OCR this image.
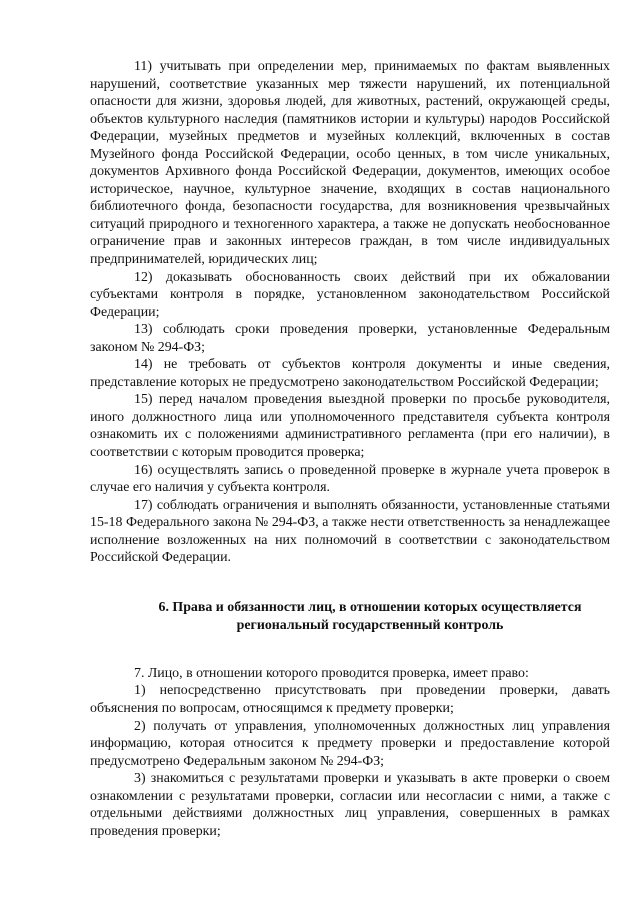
11) учитывать при определении мер, принимаемых по фактам выявленных нарушений, соответствие указанных мер тяжести нарушений, их потенциальной опасности для жизни, здоровья людей, для животных, растений, окружающей среды, объектов культурного наследия (памятников истории и культуры) народов Российской Федерации, музейных предметов и музейных коллекций, включенных в состав Музейного фонда Российской Федерации, особо ценных, в том числе уникальных, документов Архивного фонда Российской Федерации, документов, имеющих особое историческое, научное, культурное значение, входящих в состав национального библиотечного фонда, безопасности государства, для возникновения чрезвычайных ситуаций природного и техногенного характера, а также не допускать необоснованное ограничение прав и законных интересов граждан, в том числе индивидуальных предпринимателей, юридических лиц;

12) доказывать обоснованность своих действий при их обжаловании субъектами контроля в порядке, установленном законодательством Российской Федерации;

13) соблюдать сроки проведения проверки, установленные Федеральным законом № 294-ФЗ;

14) не требовать от субъектов контроля документы и иные сведения, представление которых не предусмотрено законодательством Российской Федерации;

15) перед началом проведения выездной проверки по просьбе руководителя, иного должностного лица или уполномоченного представителя субъекта контроля ознакомить их с положениями административного регламента (при его наличии), в соответствии с которым проводится проверка;

16) осуществлять запись о проведенной проверке в журнале учета проверок в случае его наличия у субъекта контроля.

17) соблюдать ограничения и выполнять обязанности, установленные статьями 15-18 Федерального закона № 294-ФЗ, а также нести ответственность за ненадлежащее исполнение возложенных на них полномочий в соответствии с законодательством Российской Федерации.

6. Права и обязанности лиц, в отношении которых осуществляется региональный государственный контроль

7. Лицо, в отношении которого проводится проверка, имеет право:

1) непосредственно присутствовать при проведении проверки, давать объяснения по вопросам, относящимся к предмету проверки;

2) получать от управления, уполномоченных должностных лиц управления информацию, которая относится к предмету проверки и предоставление которой предусмотрено Федеральным законом № 294-ФЗ;

3) знакомиться с результатами проверки и указывать в акте проверки о своем ознакомлении с результатами проверки, согласии или несогласии с ними, а также с отдельными действиями должностных лиц управления, совершенных в рамках проведения проверки;
